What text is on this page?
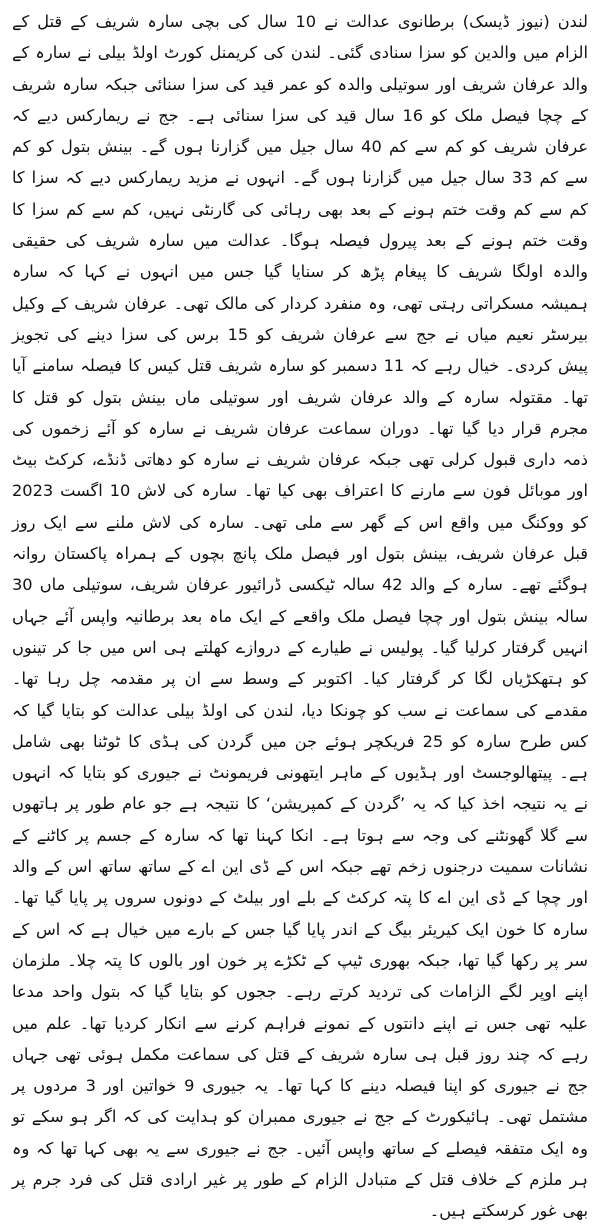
لندن (نیوز ڈیسک) برطانوی عدالت نے 10 سال کی بچی سارہ شریف کے قتل کے الزام میں والدین کو سزا سنادی گئی۔ لندن کی کریمنل کورٹ اولڈ بیلی نے سارہ کے والد عرفان شریف اور سوتیلی والدہ کو عمر قید کی سزا سنائی جبکہ سارہ شریف کے چچا فیصل ملک کو 16 سال قید کی سزا سنائی ہے۔ جج نے ریمارکس دیے کہ عرفان شریف کو کم سے کم 40 سال جیل میں گزارنا ہوں گے۔ بینش بتول کو کم سے کم 33 سال جیل میں گزارنا ہوں گے۔ انہوں نے مزید ریمارکس دیے کہ سزا کا کم سے کم وقت ختم ہونے کے بعد بھی رہائی کی گارنٹی نہیں، کم سے کم سزا کا وقت ختم ہونے کے بعد پیرول فیصلہ ہوگا۔ عدالت میں سارہ شریف کی حقیقی والدہ اولگا شریف کا پیغام پڑھ کر سنایا گیا جس میں انہوں نے کہا کہ سارہ ہمیشہ مسکراتی رہتی تھی، وہ منفرد کردار کی مالک تھی۔ عرفان شریف کے وکیل بیرسٹر نعیم میاں نے جج سے عرفان شریف کو 15 برس کی سزا دینے کی تجویز پیش کردی۔ خیال رہے کہ 11 دسمبر کو سارہ شریف قتل کیس کا فیصلہ سامنے آیا تھا۔ مقتولہ سارہ کے والد عرفان شریف اور سوتیلی ماں بینش بتول کو قتل کا مجرم قرار دیا گیا تھا۔ دوران سماعت عرفان شریف نے سارہ کو آئے زخموں کی ذمہ داری قبول کرلی تھی جبکہ عرفان شریف نے سارہ کو دھاتی ڈنڈے، کرکٹ بیٹ اور موبائل فون سے مارنے کا اعتراف بھی کیا تھا۔ سارہ کی لاش 10 اگست 2023 کو ووکنگ میں واقع اس کے گھر سے ملی تھی۔ سارہ کی لاش ملنے سے ایک روز قبل عرفان شریف، بینش بتول اور فیصل ملک پانچ بچوں کے ہمراہ پاکستان روانہ ہوگئے تھے۔ سارہ کے والد 42 سالہ ٹیکسی ڈرائیور عرفان شریف، سوتیلی ماں 30 سالہ بینش بتول اور چچا فیصل ملک واقعے کے ایک ماہ بعد برطانیہ واپس آئے جہاں انہیں گرفتار کرلیا گیا۔ پولیس نے طیارے کے دروازے کھلتے ہی اس میں جا کر تینوں کو ہتھکڑیاں لگا کر گرفتار کیا۔ اکتوبر کے وسط سے ان پر مقدمہ چل رہا تھا۔ مقدمے کی سماعت نے سب کو چونکا دیا، لندن کی اولڈ بیلی عدالت کو بتایا گیا کہ کس طرح سارہ کو 25 فریکچر ہوئے جن میں گردن کی ہڈی کا ٹوٹنا بھی شامل ہے۔ پیتھالوجسٹ اور ہڈیوں کے ماہر ایتھونی فریمونٹ نے جیوری کو بتایا کہ انہوں نے یہ نتیجہ اخذ کیا کہ یہ ’گردن کے کمپریشن‘ کا نتیجہ ہے جو عام طور پر ہاتھوں سے گلا گھونٹنے کی وجہ سے ہوتا ہے۔ انکا کہنا تھا کہ سارہ کے جسم پر کاٹنے کے نشانات سمیت درجنوں زخم تھے جبکہ اس کے ڈی این اے کے ساتھ ساتھ اس کے والد اور چچا کے ڈی این اے کا پتہ کرکٹ کے بلے اور بیلٹ کے دونوں سروں پر پایا گیا تھا۔ سارہ کا خون ایک کیریئر بیگ کے اندر پایا گیا جس کے بارے میں خیال ہے کہ اس کے سر پر رکھا گیا تھا، جبکہ بھوری ٹیپ کے ٹکڑے پر خون اور بالوں کا پتہ چلا۔ ملزمان اپنے اوپر لگے الزامات کی تردید کرتے رہے۔ ججوں کو بتایا گیا کہ بتول واحد مدعا علیہ تھی جس نے اپنے دانتوں کے نمونے فراہم کرنے سے انکار کردیا تھا۔ علم میں رہے کہ چند روز قبل ہی سارہ شریف کے قتل کی سماعت مکمل ہوئی تھی جہاں جج نے جیوری کو اپنا فیصلہ دینے کا کہا تھا۔ یہ جیوری 9 خواتین اور 3 مردوں پر مشتمل تھی۔ ہائیکورٹ کے جج نے جیوری ممبران کو ہدایت کی کہ اگر ہو سکے تو وہ ایک متفقہ فیصلے کے ساتھ واپس آئیں۔ جج نے جیوری سے یہ بھی کہا تھا کہ وہ ہر ملزم کے خلاف قتل کے متبادل الزام کے طور پر غیر ارادی قتل کی فرد جرم پر بھی غور کرسکتے ہیں۔
